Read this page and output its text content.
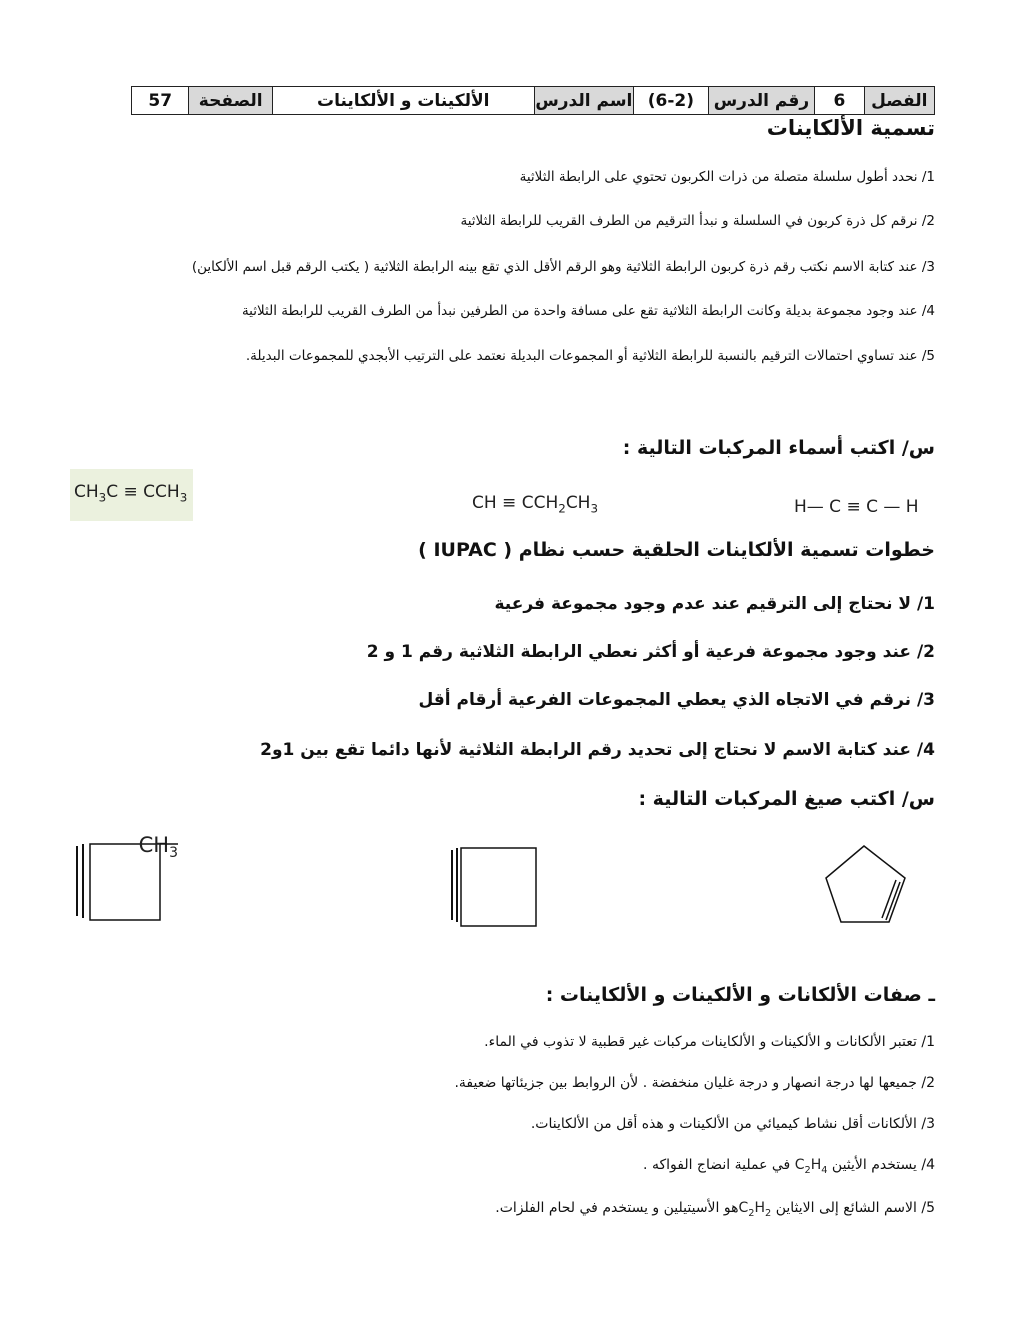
الفصل	6	رقم الدرس	(6-2)	اسم الدرس	الألكينات و الألكاينات	الصفحة	57
تسمية الألكاينات
1/ نحدد أطول سلسلة متصلة من ذرات الكربون تحتوي على الرابطة الثلاثية
2/ نرقم كل ذرة كربون في السلسلة و نبدأ الترقيم من الطرف القريب للرابطة الثلاثية
3/ عند كتابة الاسم نكتب رقم ذرة كربون الرابطة الثلاثية وهو الرقم الأقل الذي تقع بينه الرابطة الثلاثية ( يكتب الرقم قبل اسم الألكاين)
4/ عند وجود مجموعة بديلة وكانت الرابطة الثلاثية تقع على مسافة واحدة من الطرفين نبدأ من الطرف القريب للرابطة الثلاثية
5/ عند تساوي احتمالات الترقيم بالنسبة للرابطة الثلاثية أو المجموعات البديلة نعتمد على الترتيب الأبجدي للمجموعات البديلة.
س/ اكتب أسماء المركبات التالية :
$CH_3C \equiv CCH_3$	CH ≡ $CCH_2CH_3$	H— C ≡ C — H
خطوات تسمية الألكاينات الحلقية حسب نظام ( IUPAC )
1/ لا نحتاج إلى الترقيم عند عدم وجود مجموعة فرعية
2/ عند وجود مجموعة فرعية أو أكثر نعطي الرابطة الثلاثية رقم 1 و 2
3/ نرقم في الاتجاه الذي يعطي المجموعات الفرعية أرقام أقل
4/ عند كتابة الاسم لا نحتاج إلى تحديد رقم الرابطة الثلاثية لأنها دائما تقع بين 1و2
س/ اكتب صيغ المركبات التالية :
$CH_3$
ـ صفات الألكانات و الألكينات و الألكاينات :
1/ تعتبر الألكانات و الألكينات و الألكاينات مركبات غير قطبية لا تذوب في الماء.
2/ جميعها لها درجة انصهار و درجة غليان منخفضة . لأن الروابط بين جزيئاتها ضعيفة.
3/ الألكانات أقل نشاط كيميائي من الألكينات و هذه أقل من الألكاينات.
4/ يستخدم الأيثين $C_2H_4$ في عملية انضاج الفواكه .
5/ الاسم الشائع إلى الايثاين $C_2H_2هو$ الأسيتيلين و يستخدم في لحام الفلزات.
